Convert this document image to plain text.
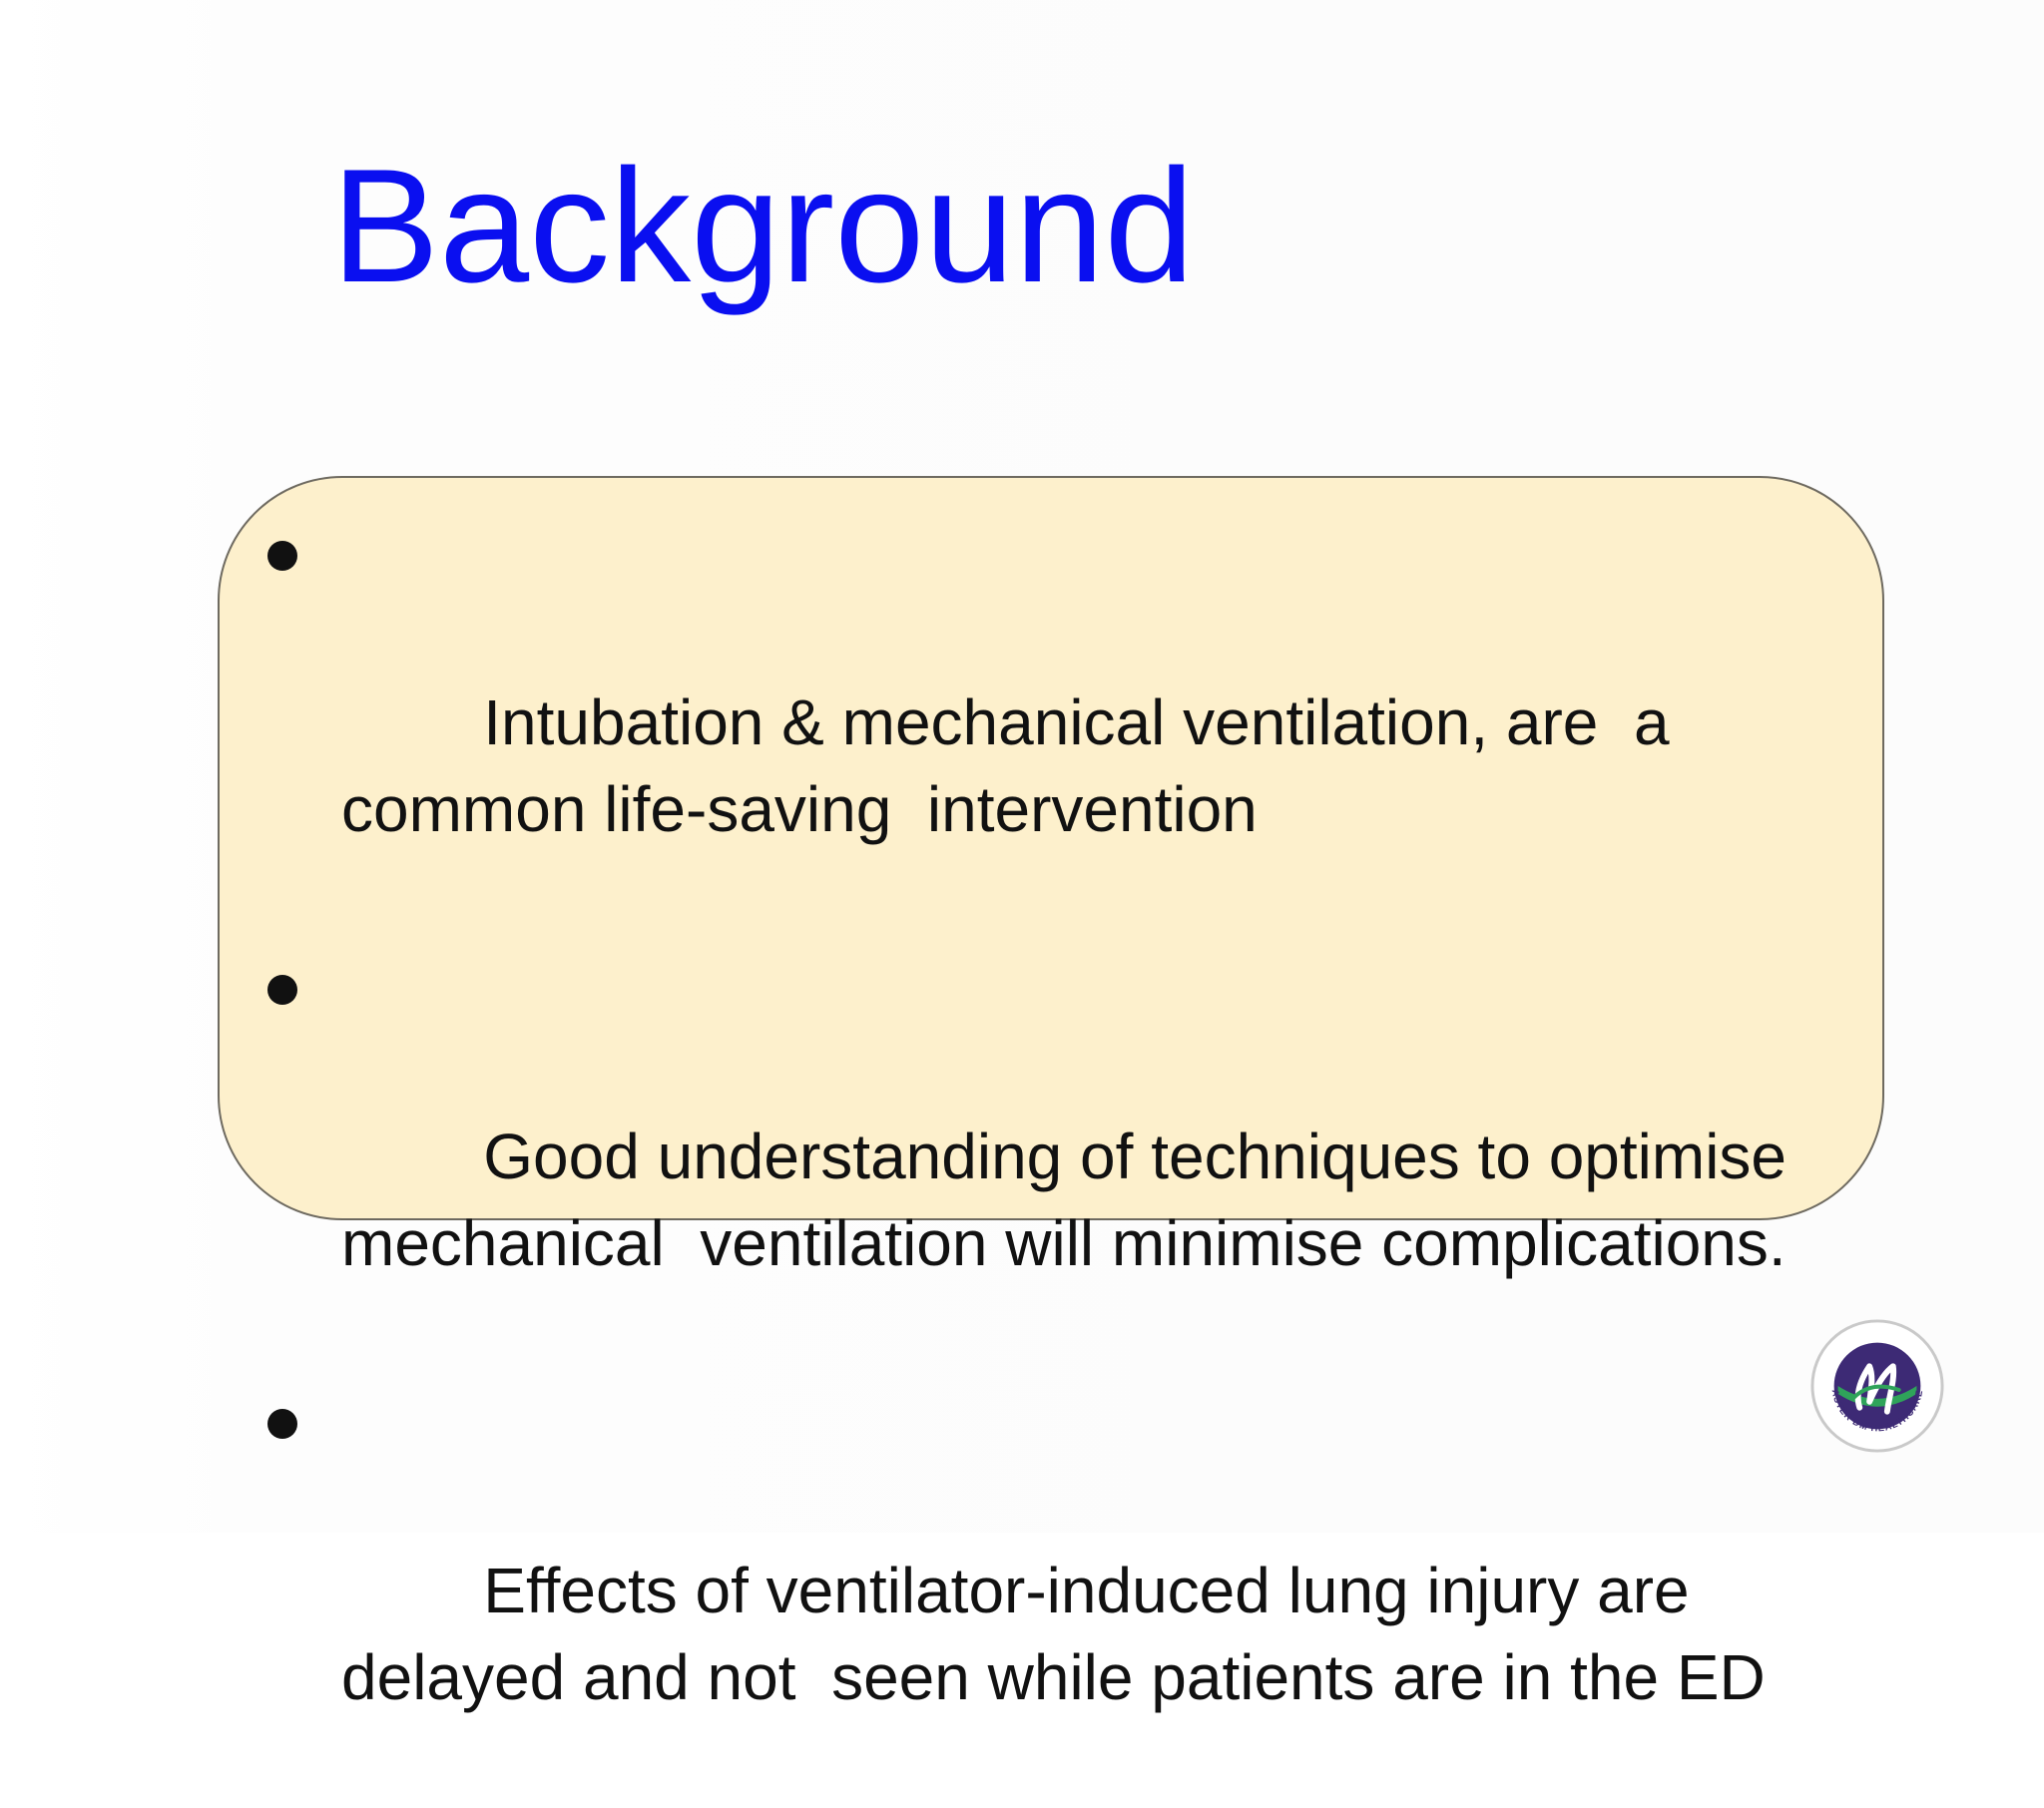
Background

Intubation & mechanical ventilation, are  a common life-saving  intervention

Good understanding of techniques to optimise mechanical  ventilation will minimise complications.

Effects of ventilator-induced lung injury are delayed and not  seen while patients are in the ED

ASTER DM HEALTHCARE
